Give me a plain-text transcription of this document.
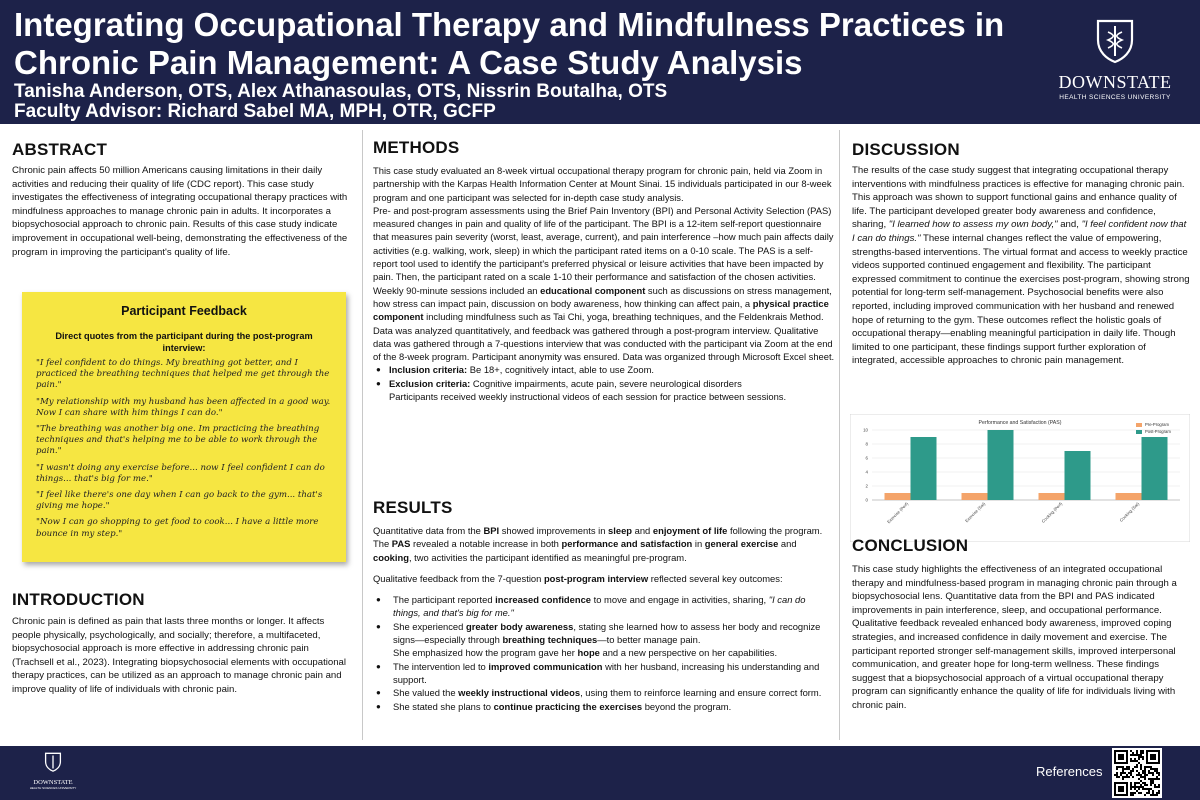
Integrating Occupational Therapy and Mindfulness Practices in Chronic Pain Management: A Case Study Analysis
Tanisha Anderson, OTS, Alex Athanasoulas, OTS, Nissrin Boutalha, OTS
Faculty Advisor: Richard Sabel MA, MPH, OTR, GCFP
DOWNSTATE
HEALTH SCIENCES UNIVERSITY
ABSTRACT
Chronic pain affects 50 million Americans causing limitations in their daily activities and reducing their quality of life (CDC report). This case study investigates the effectiveness of integrating occupational therapy practices with mindfulness approaches to manage chronic pain in adults. It incorporates a biopsychosocial approach to chronic pain. Results of this case study indicate improvement in occupational well-being, demonstrating the effectiveness of the program in improving the participant's quality of life.
Participant Feedback
Direct quotes from the participant during the post-program interview:
"I feel confident to do things. My breathing got better, and I practiced the breathing techniques that helped me get through the pain."
"My relationship with my husband has been affected in a good way. Now I can share with him things I can do."
"The breathing was another big one. Im practicing the breathing techniques and that's helping me to be able to work through the pain."
"I wasn't doing any exercise before... now I feel confident I can do things... that's big for me."
"I feel like there's one day when I can go back to the gym... that's giving me hope."
"Now I can go shopping to get food to cook... I have a little more bounce in my step."
INTRODUCTION
Chronic pain is defined as pain that lasts three months or longer. It affects people physically, psychologically, and socially; therefore, a multifaceted, biopsychosocial approach is more effective in addressing chronic pain (Trachsell et al., 2023). Integrating biopsychosocial elements with occupational therapy practices, can be utilized as an approach to manage chronic pain and improve quality of life of individuals with chronic pain.
METHODS

This case study evaluated an 8-week virtual occupational therapy program for chronic pain, held via Zoom in partnership with the Karpas Health Information Center at Mount Sinai. 15 individuals participated in our 8-week program and one participant was selected for in-depth case study analysis.

Pre- and post-program assessments using the Brief Pain Inventory (BPI) and Personal Activity Selection (PAS) measured changes in pain and quality of life of the participant. The BPI is a 12-item self-report questionnaire that measures pain severity (worst, least, average, current), and pain interference –how much pain affects daily activities (e.g. walking, work, sleep) in which the participant rated items on a 0-10 scale. The PAS is a self-report tool used to identify the participant's preferred physical or leisure activities that have been impacted by pain. Then, the participant rated on a scale 1-10 their performance and satisfaction of the chosen activities.

Weekly 90-minute sessions included an educational component such as discussions on stress management, how stress can impact pain, discussion on body awareness, how thinking can affect pain, a physical practice component including mindfulness such as Tai Chi, yoga, breathing techniques, and the Feldenkrais Method.

Data was analyzed quantitatively, and feedback was gathered through a post-program interview. Qualitative data was gathered through a 7-questions interview that was conducted with the participant via Zoom at the end of the 8-week program. Participant anonymity was ensured. Data was organized through Microsoft Excel sheet.

● Inclusion criteria: Be 18+, cognitively intact, able to use Zoom.
● Exclusion criteria: Cognitive impairments, acute pain, severe neurological disorders
Participants received weekly instructional videos of each session for practice between sessions.
RESULTS

Quantitative data from the BPI showed improvements in sleep and enjoyment of life following the program. The PAS revealed a notable increase in both performance and satisfaction in general exercise and cooking, two activities the participant identified as meaningful pre-program.

Qualitative feedback from the 7-question post-program interview reflected several key outcomes:

● The participant reported increased confidence to move and engage in activities, sharing, "I can do things, and that's big for me."
● She experienced greater body awareness, stating she learned how to assess her body and recognize signs—especially through breathing techniques—to better manage pain.
She emphasized how the program gave her hope and a new perspective on her capabilities.
● The intervention led to improved communication with her husband, increasing his understanding and support.
● She valued the weekly instructional videos, using them to reinforce learning and ensure correct form.
● She stated she plans to continue practicing the exercises beyond the program.
DISCUSSION
The results of the case study suggest that integrating occupational therapy interventions with mindfulness practices is effective for managing chronic pain. This approach was shown to support functional gains and enhance quality of life. The participant developed greater body awareness and confidence, sharing, "I learned how to assess my own body," and, "I feel confident now that I can do things." These internal changes reflect the value of empowering, strengths-based interventions. The virtual format and access to weekly practice videos supported continued engagement and flexibility. The participant expressed commitment to continue the exercises post-program, showing strong potential for long-term self-management. Psychosocial benefits were also reported, including improved communication with her husband and renewed hope of returning to the gym. These outcomes reflect the holistic goals of occupational therapy—enabling meaningful participation in daily life. Though limited to one participant, these findings support further exploration of integrated, accessible approaches to chronic pain management.
Performance and Satisfaction (PAS)
0
2
4
6
8
10
Exercise (Perf)	Exercise (Sat)	Cooking (Perf)	Cooking (Sat)
Pre-Program
Post-Program
CONCLUSION
This case study highlights the effectiveness of an integrated occupational therapy and mindfulness-based program in managing chronic pain through a biopsychosocial lens. Quantitative data from the BPI and PAS indicated improvements in pain interference, sleep, and occupational performance. Qualitative feedback revealed enhanced body awareness, improved coping strategies, and increased confidence in daily movement and exercise. The participant reported stronger self-management skills, improved interpersonal communication, and greater hope for long-term wellness. These findings suggest that a biopsychosocial approach of a virtual occupational therapy program can significantly enhance the quality of life for individuals living with chronic pain.
DOWNSTATE
HEALTH SCIENCES UNIVERSITY
References
